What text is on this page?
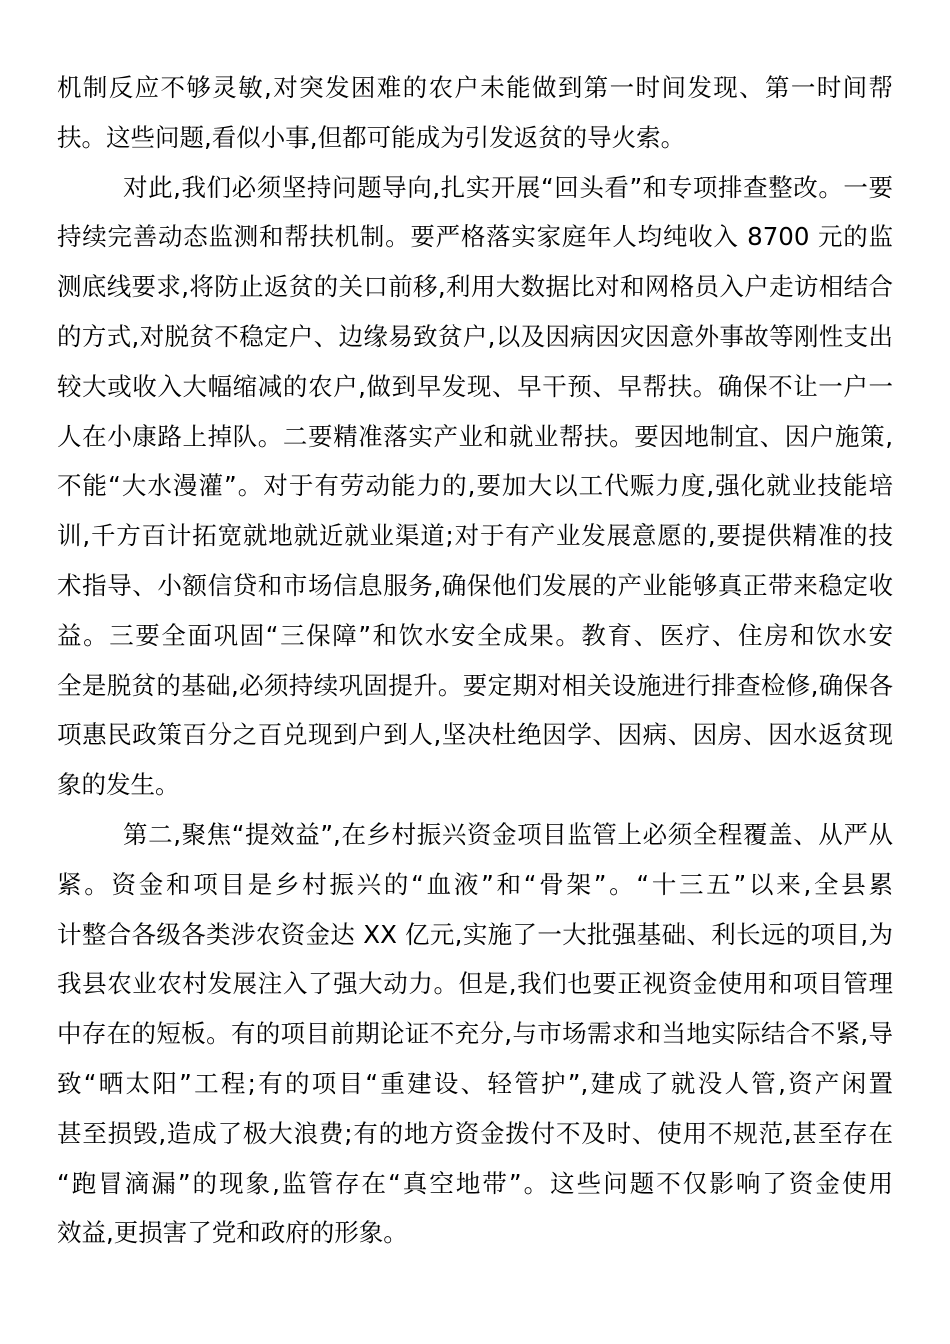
机制反应不够灵敏,对突发困难的农户未能做到第一时间发现、第一时间帮
扶。这些问题,看似小事,但都可能成为引发返贫的导火索。
对此,我们必须坚持问题导向,扎实开展“回头看”和专项排查整改。一要
持续完善动态监测和帮扶机制。要严格落实家庭年人均纯收入 8700 元的监
测底线要求,将防止返贫的关口前移,利用大数据比对和网格员入户走访相结合
的方式,对脱贫不稳定户、边缘易致贫户,以及因病因灾因意外事故等刚性支出
较大或收入大幅缩减的农户,做到早发现、早干预、早帮扶。确保不让一户一
人在小康路上掉队。二要精准落实产业和就业帮扶。要因地制宜、因户施策,
不能“大水漫灌”。对于有劳动能力的,要加大以工代赈力度,强化就业技能培
训,千方百计拓宽就地就近就业渠道;对于有产业发展意愿的,要提供精准的技
术指导、小额信贷和市场信息服务,确保他们发展的产业能够真正带来稳定收
益。三要全面巩固“三保障”和饮水安全成果。教育、医疗、住房和饮水安
全是脱贫的基础,必须持续巩固提升。要定期对相关设施进行排查检修,确保各
项惠民政策百分之百兑现到户到人,坚决杜绝因学、因病、因房、因水返贫现
象的发生。
第二,聚焦“提效益”,在乡村振兴资金项目监管上必须全程覆盖、从严从
紧。资金和项目是乡村振兴的“血液”和“骨架”。“十三五”以来,全县累
计整合各级各类涉农资金达 XX 亿元,实施了一大批强基础、利长远的项目,为
我县农业农村发展注入了强大动力。但是,我们也要正视资金使用和项目管理
中存在的短板。有的项目前期论证不充分,与市场需求和当地实际结合不紧,导
致“晒太阳”工程;有的项目“重建设、轻管护”,建成了就没人管,资产闲置
甚至损毁,造成了极大浪费;有的地方资金拨付不及时、使用不规范,甚至存在
“跑冒滴漏”的现象,监管存在“真空地带”。这些问题不仅影响了资金使用
效益,更损害了党和政府的形象。
